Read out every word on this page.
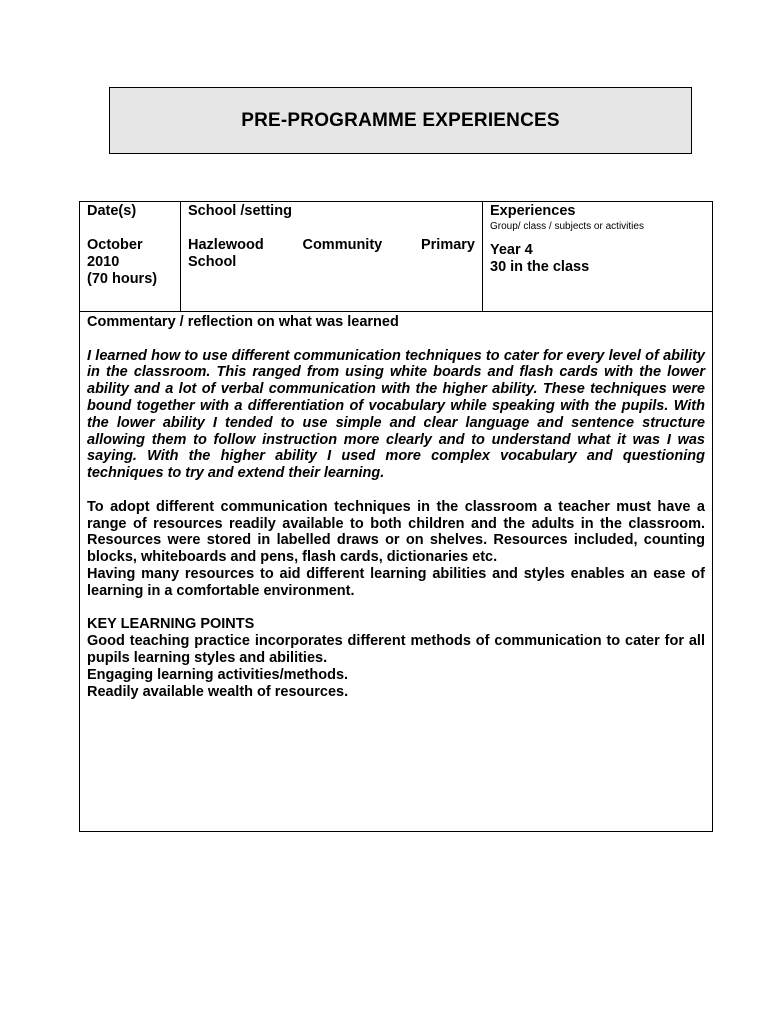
PRE-PROGRAMME EXPERIENCES
Date(s)
October
2010
(70 hours)
School /setting
Hazlewood Community Primary
School
Experiences
Group/ class / subjects or activities
Year 4
30 in the class

Commentary / reflection on what was learned

I learned how to use different communication techniques to cater for every level of ability in the classroom. This ranged from using white boards and flash cards with the lower ability and a lot of verbal communication with the higher ability. These techniques were bound together with a differentiation of vocabulary while speaking with the pupils. With the lower ability I tended to use simple and clear language and sentence structure allowing them to follow instruction more clearly and to understand what it was I was saying. With the higher ability I used more complex vocabulary and questioning techniques to try and extend their learning.

To adopt different communication techniques in the classroom a teacher must have a range of resources readily available to both children and the adults in the classroom. Resources were stored in labelled draws or on shelves. Resources included, counting blocks, whiteboards and pens, flash cards, dictionaries etc.

Having many resources to aid different learning abilities and styles enables an ease of learning in a comfortable environment.

KEY LEARNING POINTS

Good teaching practice incorporates different methods of communication to cater for all pupils learning styles and abilities.

Engaging learning activities/methods.

Readily available wealth of resources.
